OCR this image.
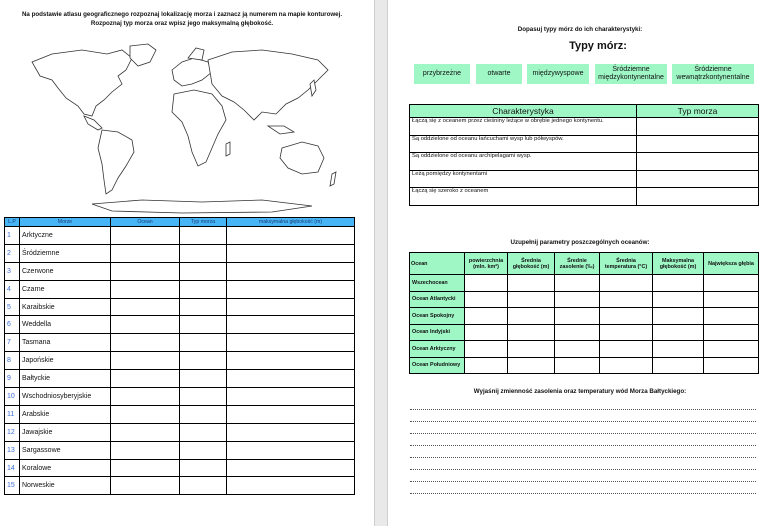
Na podstawie atlasu geograficznego rozpoznaj lokalizację morza i zaznacz ją numerem na mapie konturowej.
Rozpoznaj typ morza oraz wpisz jego maksymalną głębokość.
L.P	Morze	Ocean	Typ morza	maksymalna głębokość (m)
1	Arktyczne			
2	Śródziemne			
3	Czerwone			
4	Czarne			
5	Karaibskie			
6	Weddella			
7	Tasmana			
8	Japońskie			
9	Bałtyckie			
10	Wschodniosyberyjskie			
11	Arabskie			
12	Jawajskie			
13	Sargassowe			
14	Koralowe			
15	Norweskie			
Dopasuj typy mórz do ich charakterystyki:
Typy mórz:
przybrzeżne	otwarte	międzywyspowe
Śródziemne międzykontynentalne
Śródziemne wewnątrzkontynentalne
Charakterystyka	Typ morza
Łączą się z oceanem przez cieśniny leżące w obrębie jednego kontynentu.	
Są oddzielone od oceanu łańcuchami wysp lub półwyspów.	
Są oddzielone od oceanu archipelagami wysp.	
Leżą pomiędzy kontynentami	
Łączą się szeroko z oceanem	
Uzupełnij parametry poszczególnych oceanów:
Ocean	powierzchnia (mln. km²)	Średnia głębokość (m)	Średnie zasolenie (‰)	Średnia temperatura (°C)	Maksymalna głębokość (m)	Największa głębia
Wszechocean						
Ocean Atlantycki						
Ocean Spokojny						
Ocean Indyjski						
Ocean Arktyczny						
Ocean Południowy						
Wyjaśnij zmienność zasolenia oraz temperatury wód Morza Bałtyckiego:
